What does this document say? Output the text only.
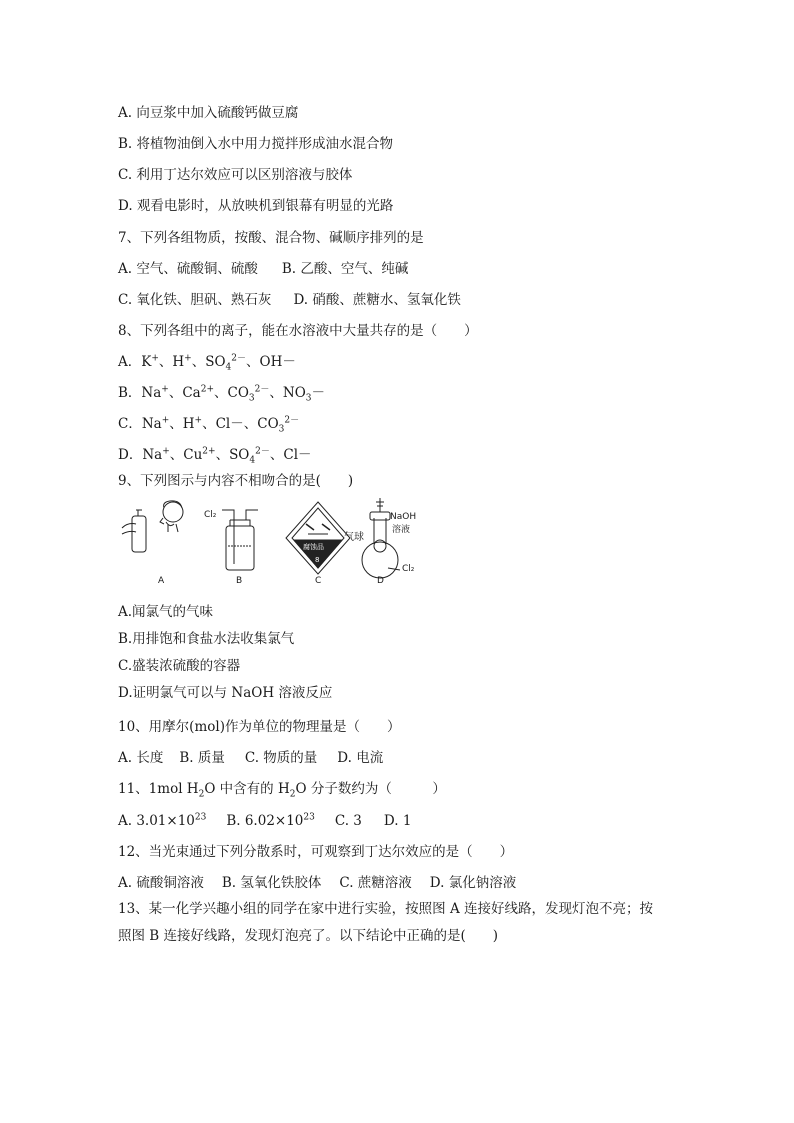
A. 向豆浆中加入硫酸钙做豆腐
B. 将植物油倒入水中用力搅拌形成油水混合物
C. 利用丁达尔效应可以区别溶液与胶体
D. 观看电影时，从放映机到银幕有明显的光路
7、下列各组物质，按酸、混合物、碱顺序排列的是
A. 空气、硫酸铜、硫酸 B. 乙酸、空气、纯碱
C. 氧化铁、胆矾、熟石灰 D. 硝酸、蔗糖水、氢氧化铁
8、下列各组中的离子，能在水溶液中大量共存的是（　　）
A．K+、H+、$SO_4^{2-}$、OH－
B．Na+、$Ca^{2+}$、$CO_3^{2-}$、$NO_3-$
C．Na+、H+、Cl－、$CO_3^{2-}$
D．Na+、$Cu^{2+}$、$SO_4^{2-}$、Cl－
9、下列图示与内容不相吻合的是(　　)
Cl₂
腐蚀品
8
气球
NaOH
溶液
Cl₂
A	B	C	D
A.闻氯气的气味
B.用排饱和食盐水法收集氯气
C.盛装浓硫酸的容器
D.证明氯气可以与 NaOH 溶液反应
10、用摩尔(mol)作为单位的物理量是（　　）
A. 长度 B. 质量 C. 物质的量 D. 电流
11、1mol $H_2O$ 中含有的 $H_2O$ 分子数约为（　　　）
A. $3.01\times 10^{23}$ B. $6.02\times 10^{23}$ C. 3 D. 1
12、当光束通过下列分散系时，可观察到丁达尔效应的是（　　）
A. 硫酸铜溶液 B. 氢氧化铁胶体 C. 蔗糖溶液 D. 氯化钠溶液
13、某一化学兴趣小组的同学在家中进行实验，按照图 A 连接好线路，发现灯泡不亮；按
照图 B 连接好线路，发现灯泡亮了。以下结论中正确的是(　　)
